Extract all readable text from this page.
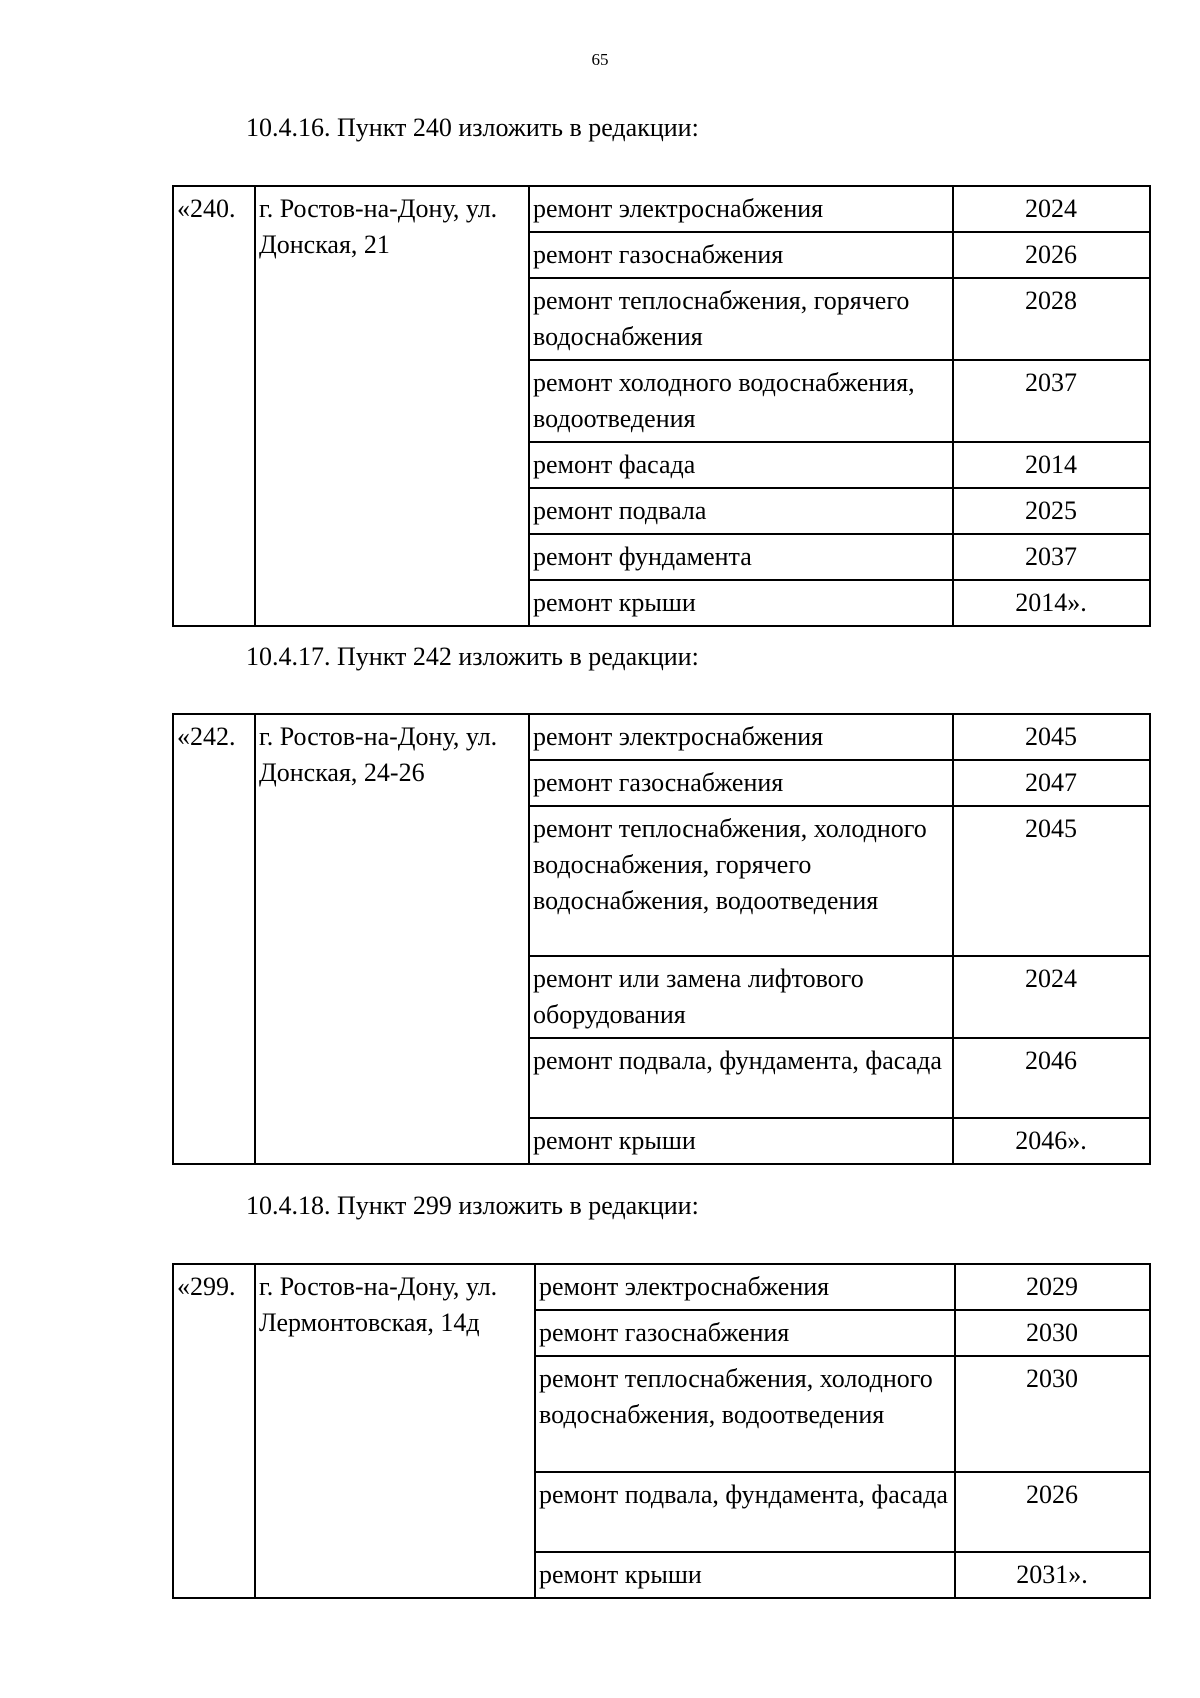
65
10.4.16. Пункт 240 изложить в редакции:
«240.	г. Ростов-на-Дону, ул. Донская, 21	ремонт электроснабжения	2024
		ремонт газоснабжения	2026
		ремонт теплоснабжения, горячего водоснабжения	2028
		ремонт холодного водоснабжения, водоотведения	2037
		ремонт фасада	2014
		ремонт подвала	2025
		ремонт фундамента	2037
		ремонт крыши	2014».
10.4.17. Пункт 242 изложить в редакции:
«242.	г. Ростов-на-Дону, ул. Донская, 24-26	ремонт электроснабжения	2045
		ремонт газоснабжения	2047
		ремонт теплоснабжения, холодного водоснабжения, горячего водоснабжения, водоотведения	2045
		ремонт или замена лифтового оборудования	2024
		ремонт подвала, фундамента, фасада	2046
		ремонт крыши	2046».
10.4.18. Пункт 299 изложить в редакции:
«299.	г. Ростов-на-Дону, ул. Лермонтовская, 14д	ремонт электроснабжения	2029
		ремонт газоснабжения	2030
		ремонт теплоснабжения, холодного водоснабжения, водоотведения	2030
		ремонт подвала, фундамента, фасада	2026
		ремонт крыши	2031».
